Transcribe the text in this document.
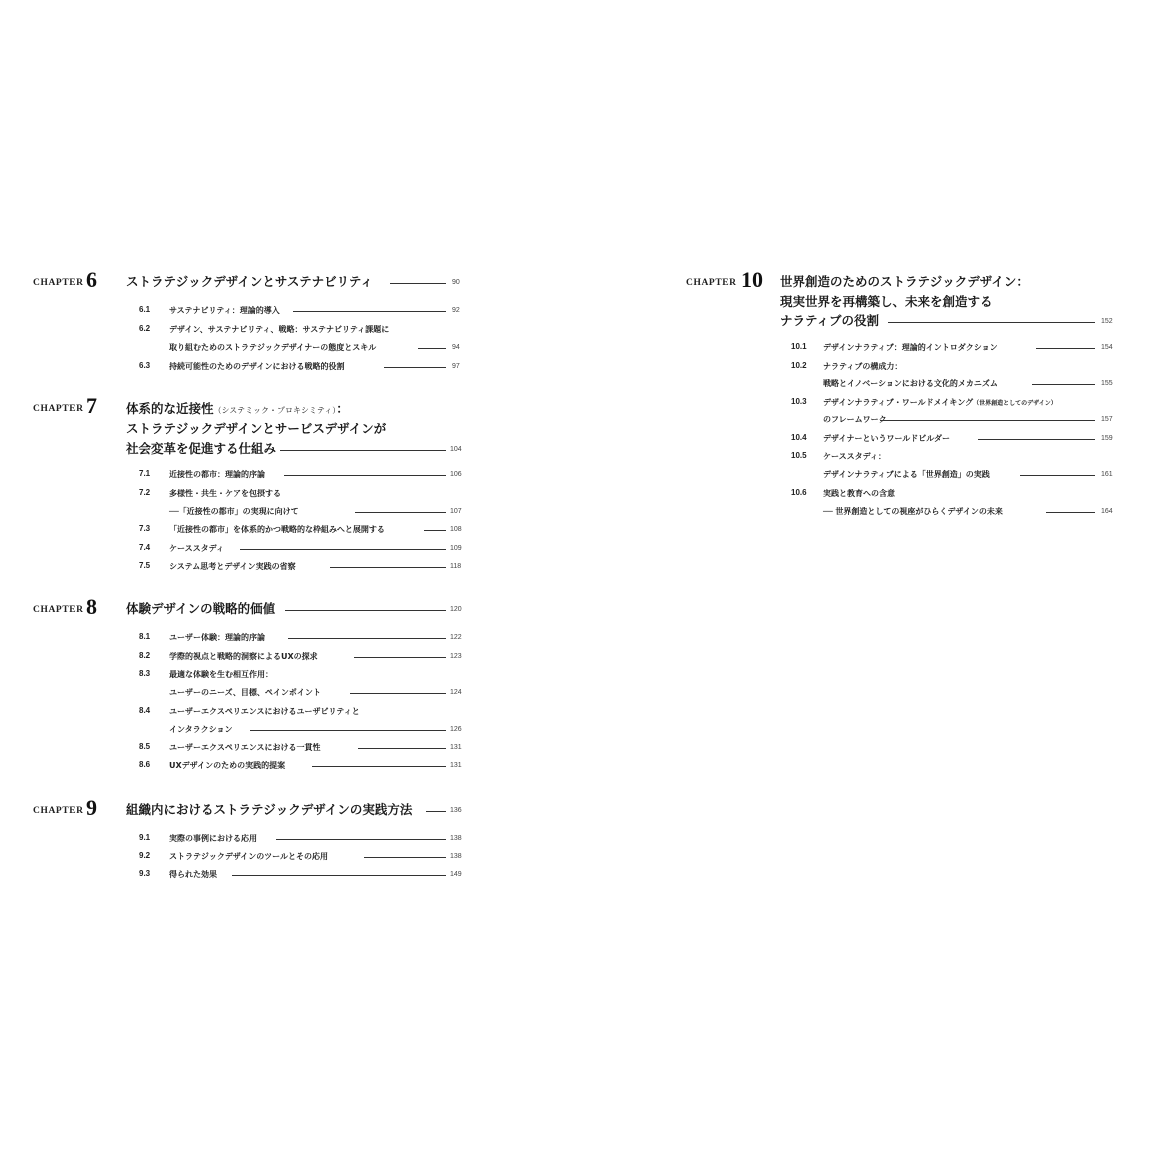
CHAPTER 6 ストラテジックデザインとサステナビリティ	90
6.1 サステナビリティ：理論的導入	92
6.2 デザイン、サステナビリティ、戦略：サステナビリティ課題に
取り組むためのストラテジックデザイナーの態度とスキル	94
6.3 持続可能性のためのデザインにおける戦略的役割	97
CHAPTER 7 体系的な近接性（システミック・プロキシミティ）：
ストラテジックデザインとサービスデザインが
社会変革を促進する仕組み	104
7.1 近接性の都市：理論的序論	106
7.2 多様性・共生・ケアを包摂する
──「近接性の都市」の実現に向けて	107
7.3 「近接性の都市」を体系的かつ戦略的な枠組みへと展開する	108
7.4 ケーススタディ	109
7.5 システム思考とデザイン実践の省察	118
CHAPTER 8 体験デザインの戦略的価値	120
8.1 ユーザー体験：理論的序論	122
8.2 学際的視点と戦略的洞察によるUXの探求	123
8.3 最適な体験を生む相互作用：
ユーザーのニーズ、目標、ペインポイント	124
8.4 ユーザーエクスペリエンスにおけるユーザビリティと
インタラクション	126
8.5 ユーザーエクスペリエンスにおける一貫性	131
8.6 UXデザインのための実践的提案	131
CHAPTER 9 組織内におけるストラテジックデザインの実践方法	136
9.1 実際の事例における応用	138
9.2 ストラテジックデザインのツールとその応用	138
9.3 得られた効果	149
CHAPTER 10 世界創造のためのストラテジックデザイン：
現実世界を再構築し、未来を創造する
ナラティブの役割	152
10.1 デザインナラティブ：理論的イントロダクション	154
10.2 ナラティブの構成力：
戦略とイノベーションにおける文化的メカニズム	155
10.3 デザインナラティブ・ワールドメイキング（世界創造としてのデザイン）
のフレームワーク	157
10.4 デザイナーというワールドビルダー	159
10.5 ケーススタディ：
デザインナラティブによる「世界創造」の実践	161
10.6 実践と教育への含意
── 世界創造としての視座がひらくデザインの未来	164
